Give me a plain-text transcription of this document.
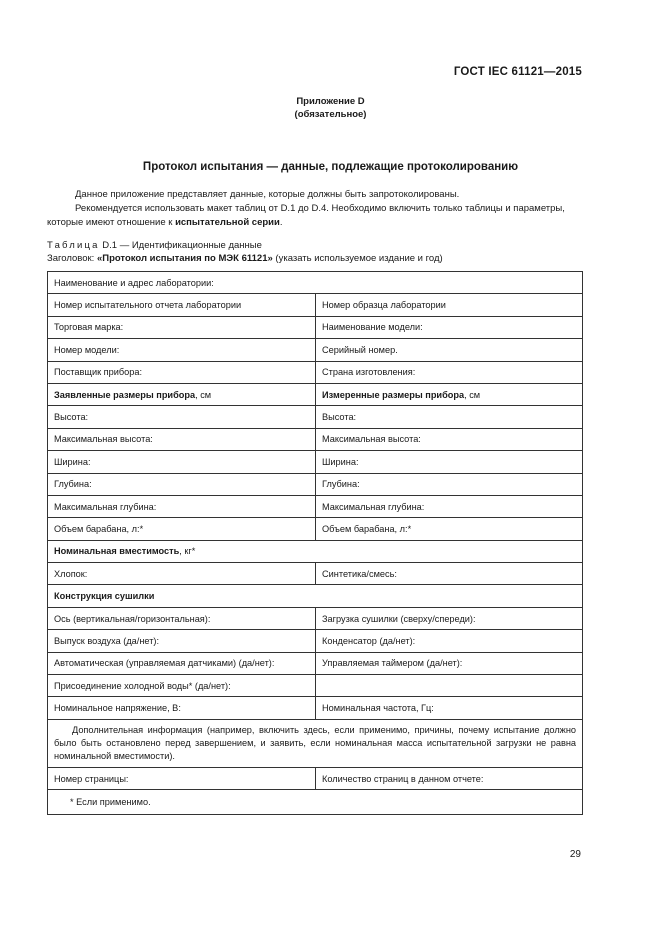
ГОСТ IEC 61121—2015
Приложение D
(обязательное)
Протокол испытания — данные, подлежащие протоколированию
Данное приложение представляет данные, которые должны быть запротоколированы.
Рекомендуется использовать макет таблиц от D.1 до D.4. Необходимо включить только таблицы и параметры, которые имеют отношение к испытательной серии.
Таблица D.1 — Идентификационные данные
Заголовок: «Протокол испытания по МЭК 61121» (указать используемое издание и год)
Наименование и адрес лаборатории:	
Номер испытательного отчета лаборатории	Номер образца лаборатории
Торговая марка:	Наименование модели:
Номер модели:	Серийный номер.
Поставщик прибора:	Страна изготовления:
Заявленные размеры прибора, см	Измеренные размеры прибора, см
Высота:	Высота:
Максимальная высота:	Максимальная высота:
Ширина:	Ширина:
Глубина:	Глубина:
Максимальная глубина:	Максимальная глубина:
Объем барабана, л:*	Объем барабана, л:*
Номинальная вместимость, кг*	
Хлопок:	Синтетика/смесь:
Конструкция сушилки	
Ось (вертикальная/горизонтальная):	Загрузка сушилки (сверху/спереди):
Выпуск воздуха (да/нет):	Конденсатор (да/нет):
Автоматическая (управляемая датчиками) (да/нет):	Управляемая таймером (да/нет):
Присоединение холодной воды* (да/нет):	
Номинальное напряжение, В:	Номинальная частота, Гц:
Дополнительная информация (например, включить здесь, если применимо, причины, почему испытание должно было быть остановлено перед завершением, и заявить, если номинальная масса испытательной загрузки не равна номинальной вместимости).	
Номер страницы:	Количество страниц в данном отчете:
* Если применимо.	
29
